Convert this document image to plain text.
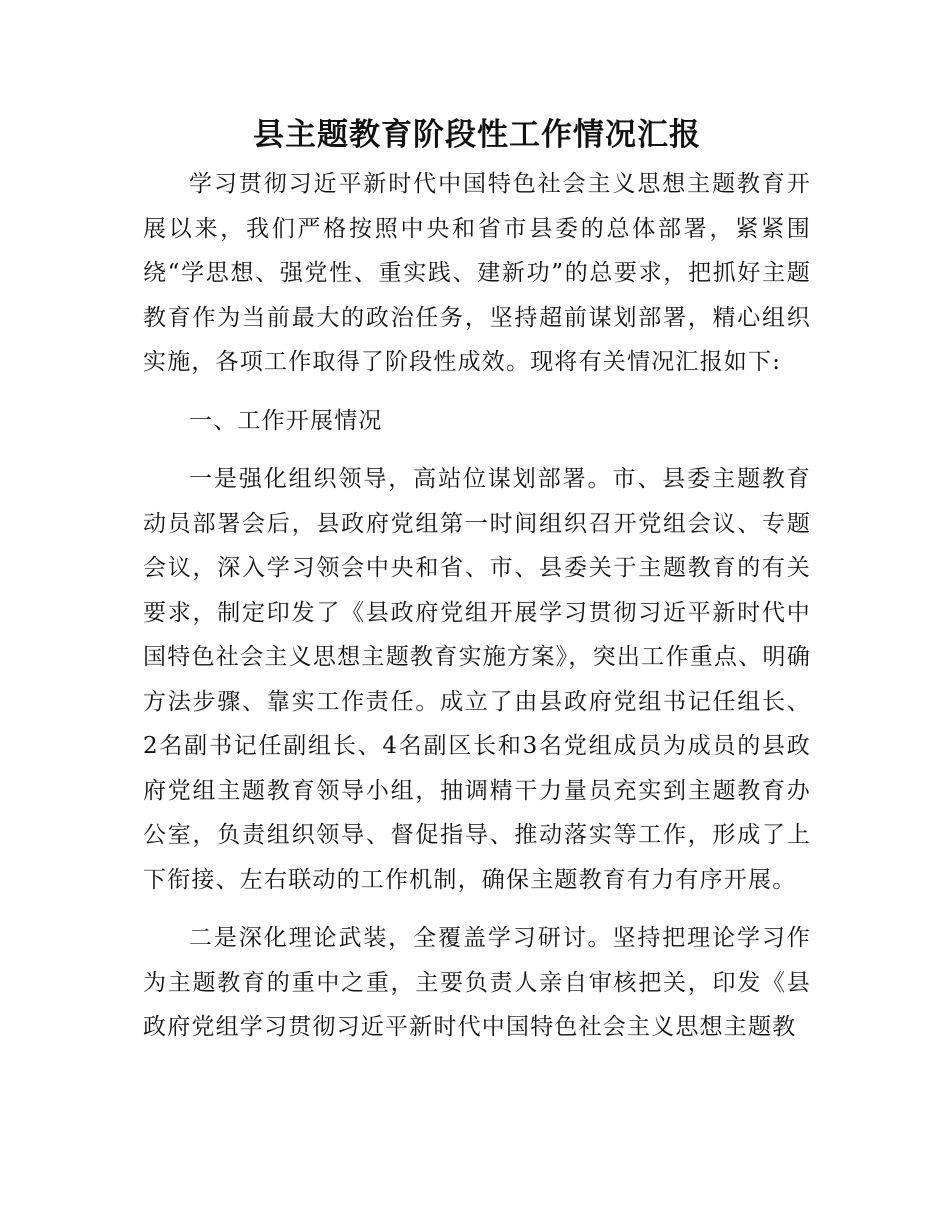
县主题教育阶段性工作情况汇报

学习贯彻习近平新时代中国特色社会主义思想主题教育开展以来，我们严格按照中央和省市县委的总体部署，紧紧围绕“学思想、强党性、重实践、建新功”的总要求，把抓好主题教育作为当前最大的政治任务，坚持超前谋划部署，精心组织实施，各项工作取得了阶段性成效。现将有关情况汇报如下:

一、工作开展情况

一是强化组织领导，高站位谋划部署。市、县委主题教育动员部署会后，县政府党组第一时间组织召开党组会议、专题会议，深入学习领会中央和省、市、县委关于主题教育的有关要求，制定印发了《县政府党组开展学习贯彻习近平新时代中国特色社会主义思想主题教育实施方案》，突出工作重点、明确方法步骤、靠实工作责任。成立了由县政府党组书记任组长、2名副书记任副组长、4名副区长和3名党组成员为成员的县政府党组主题教育领导小组，抽调精干力量员充实到主题教育办公室，负责组织领导、督促指导、推动落实等工作，形成了上下衔接、左右联动的工作机制，确保主题教育有力有序开展。

二是深化理论武装，全覆盖学习研讨。坚持把理论学习作为主题教育的重中之重，主要负责人亲自审核把关，印发《县政府党组学习贯彻习近平新时代中国特色社会主义思想主题教
